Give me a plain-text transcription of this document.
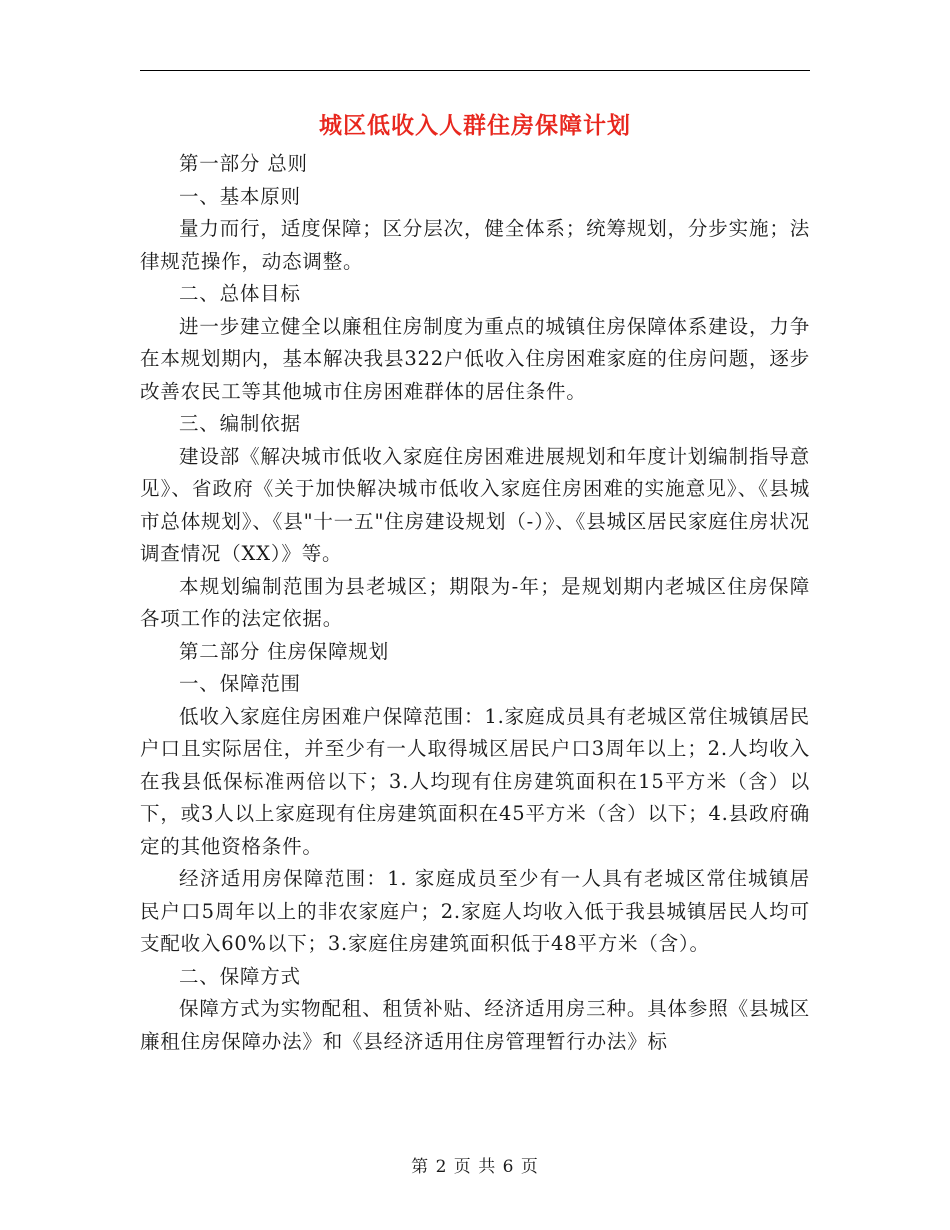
城区低收入人群住房保障计划

第一部分 总则

一、基本原则

量力而行，适度保障；区分层次，健全体系；统筹规划，分步实施；法律规范操作，动态调整。

二、总体目标

进一步建立健全以廉租住房制度为重点的城镇住房保障体系建设，力争在本规划期内，基本解决我县322户低收入住房困难家庭的住房问题，逐步改善农民工等其他城市住房困难群体的居住条件。

三、编制依据

建设部《解决城市低收入家庭住房困难进展规划和年度计划编制指导意见》、省政府《关于加快解决城市低收入家庭住房困难的实施意见》、《县城市总体规划》、《县"十一五"住房建设规划（-）》、《县城区居民家庭住房状况调查情况（XX）》等。

本规划编制范围为县老城区；期限为-年；是规划期内老城区住房保障各项工作的法定依据。

第二部分 住房保障规划

一、保障范围

低收入家庭住房困难户保障范围：1.家庭成员具有老城区常住城镇居民户口且实际居住，并至少有一人取得城区居民户口3周年以上；2.人均收入在我县低保标准两倍以下；3.人均现有住房建筑面积在15平方米（含）以下，或3人以上家庭现有住房建筑面积在45平方米（含）以下；4.县政府确定的其他资格条件。

经济适用房保障范围：1. 家庭成员至少有一人具有老城区常住城镇居民户口5周年以上的非农家庭户；2.家庭人均收入低于我县城镇居民人均可支配收入60%以下；3.家庭住房建筑面积低于48平方米（含）。

二、保障方式

保障方式为实物配租、租赁补贴、经济适用房三种。具体参照《县城区廉租住房保障办法》和《县经济适用住房管理暂行办法》标

第 2 页 共 6 页
